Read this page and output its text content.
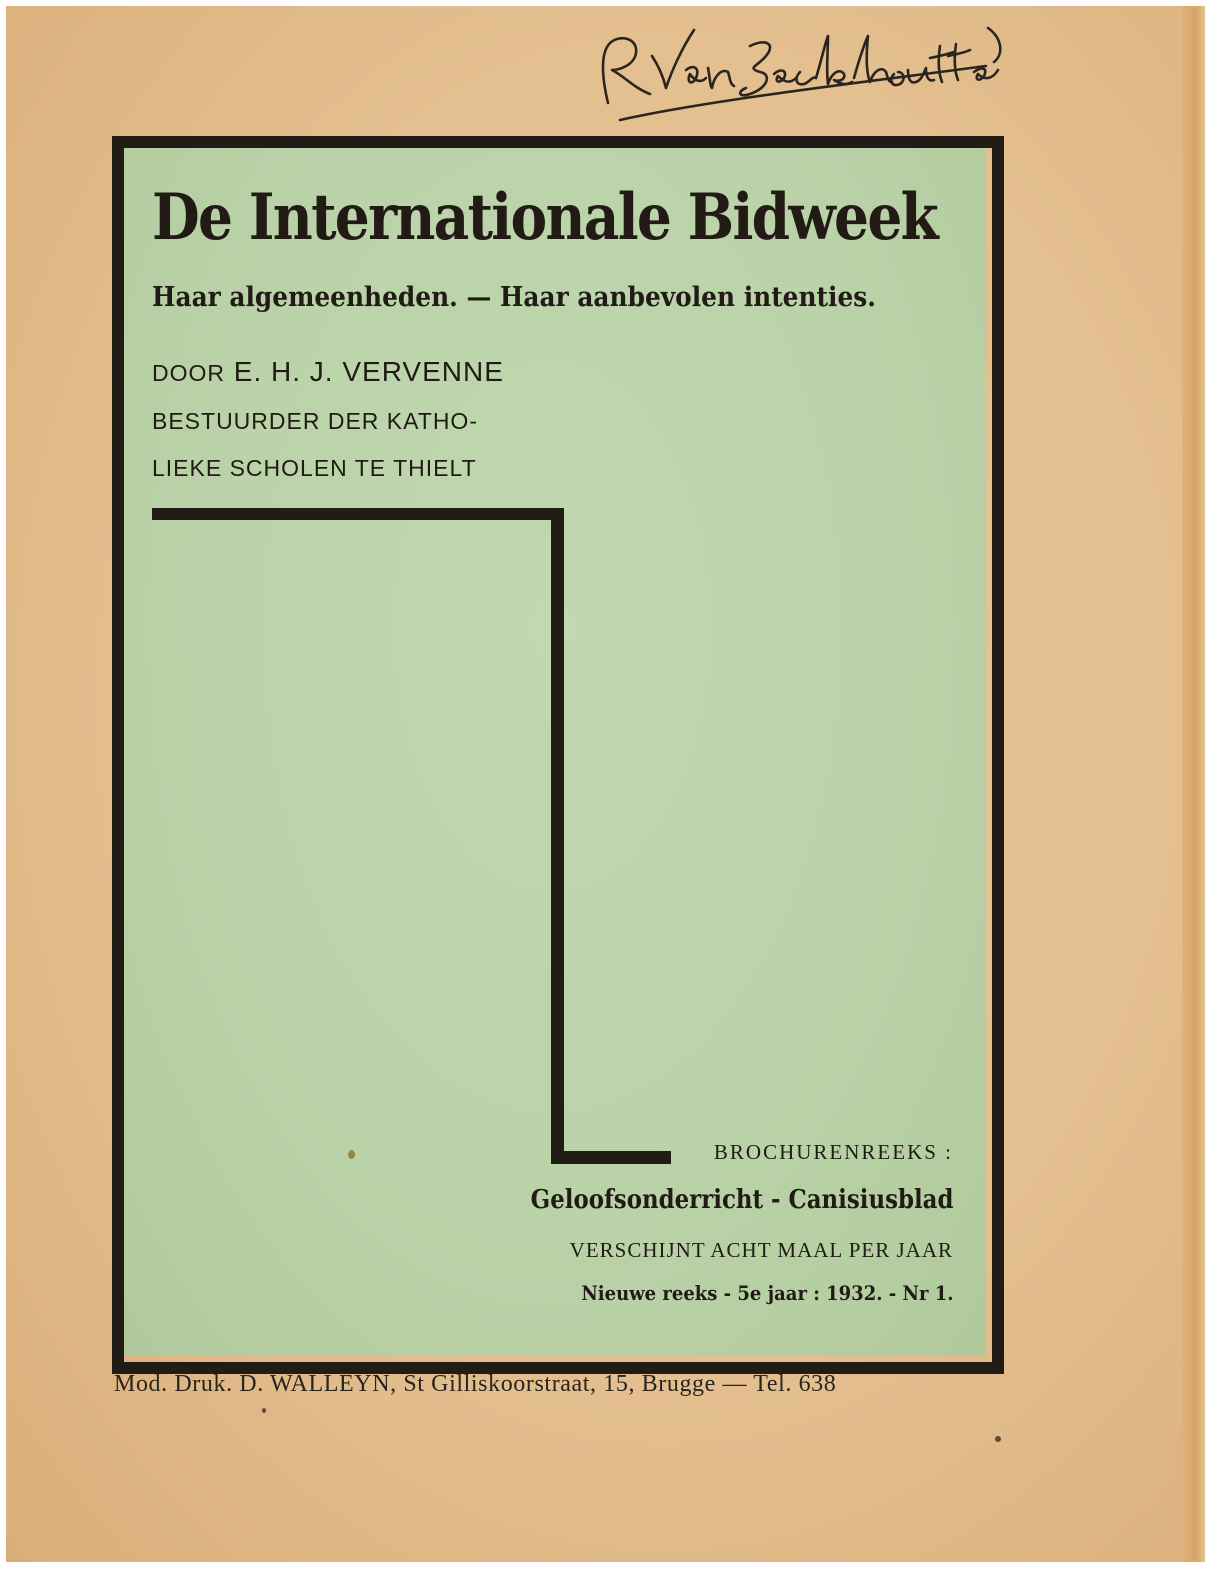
De Internationale Bidweek
Haar algemeenheden. — Haar aanbevolen intenties.
DOOR E. H. J. VERVENNE
BESTUURDER DER KATHO-
LIEKE SCHOLEN TE THIELT
BROCHURENREEKS :
Geloofsonderricht - Canisiusblad
VERSCHIJNT ACHT MAAL PER JAAR
Nieuwe reeks - 5e jaar : 1932. - Nr 1.
Mod. Druk. D. WALLEYN, St Gilliskoorstraat, 15, Brugge — Tel. 638
